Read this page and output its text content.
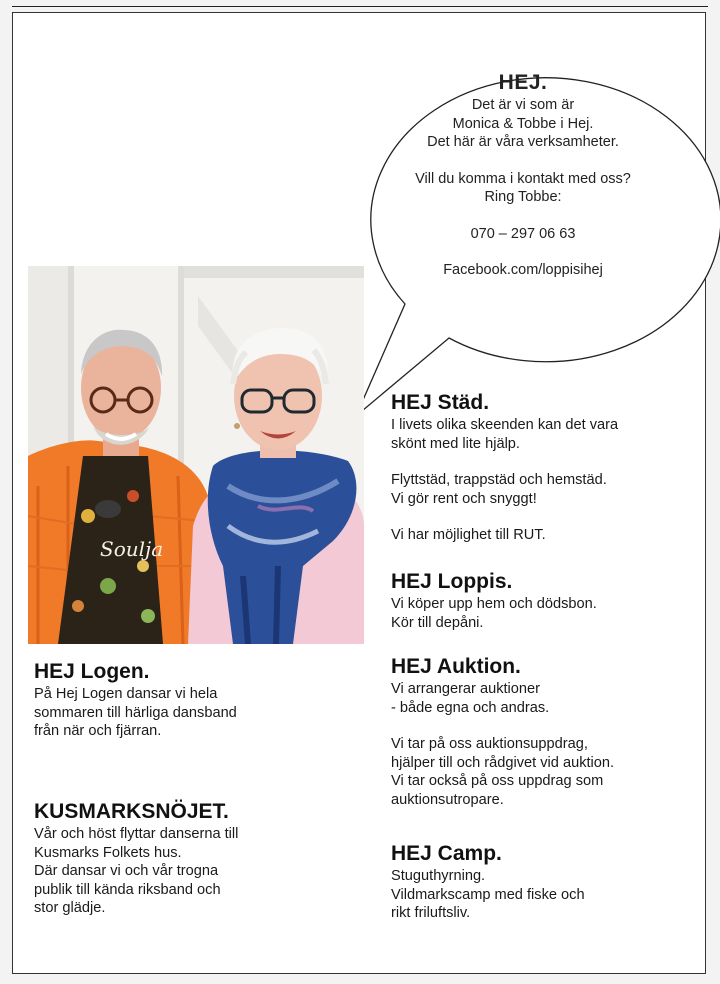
HEJ.
Det är vi som är
Monica & Tobbe i Hej.
Det här är våra verksamheter.
Vill du komma i kontakt med oss?
Ring Tobbe:
070 – 297 06 63
Facebook.com/loppisihej
Soulja
HEJ Städ.

I livets olika skeenden kan det vara

skönt med lite hjälp.

Flyttstäd, trappstäd och hemstäd.

Vi gör rent och snyggt!

Vi har möjlighet till RUT.

HEJ Loppis.

Vi köper upp hem och dödsbon.

Kör till depåni.

HEJ Auktion.

Vi arrangerar auktioner

- både egna och andras.

Vi tar på oss auktionsuppdrag,

hjälper till och rådgivet vid auktion.

Vi tar också på oss uppdrag som

auktionsutropare.

HEJ Camp.

Stuguthyrning.

Vildmarkscamp med fiske och

rikt friluftsliv.

HEJ Logen.

På Hej Logen dansar vi hela

sommaren till härliga dansband

från när och fjärran.

KUSMARKSNÖJET.

Vår och höst flyttar danserna till

Kusmarks Folkets hus.

Där dansar vi och vår trogna

publik till kända riksband och

stor glädje.
